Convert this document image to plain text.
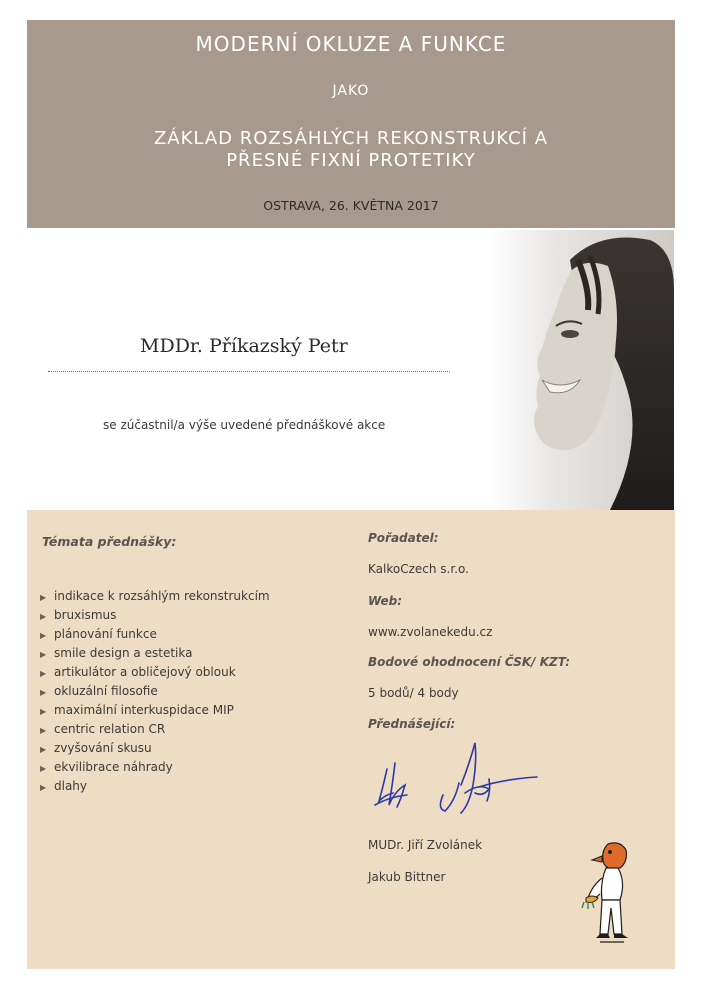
MODERNÍ OKLUZE A FUNKCE
JAKO
ZÁKLAD ROZSÁHLÝCH REKONSTRUKCÍ A
PŘESNÉ FIXNÍ PROTETIKY
OSTRAVA, 26. KVĚTNA 2017
MDDr. Příkazský Petr
se zúčastnil/a výše uvedené přednáškové akce
Témata přednášky:
▶ indikace k rozsáhlým rekonstrukcím
▶ bruxismus
▶ plánování funkce
▶ smile design a estetika
▶ artikulátor a obličejový oblouk
▶ okluzální filosofie
▶ maximální interkuspidace MIP
▶ centric relation CR
▶ zvyšování skusu
▶ ekvilibrace náhrady
▶ dlahy
Pořadatel:
KalkoCzech s.r.o.
Web:
www.zvolanekedu.cz
Bodové ohodnocení ČSK/ KZT:
5 bodů/ 4 body
Přednášející:
MUDr. Jiří Zvolánek
Jakub Bittner
